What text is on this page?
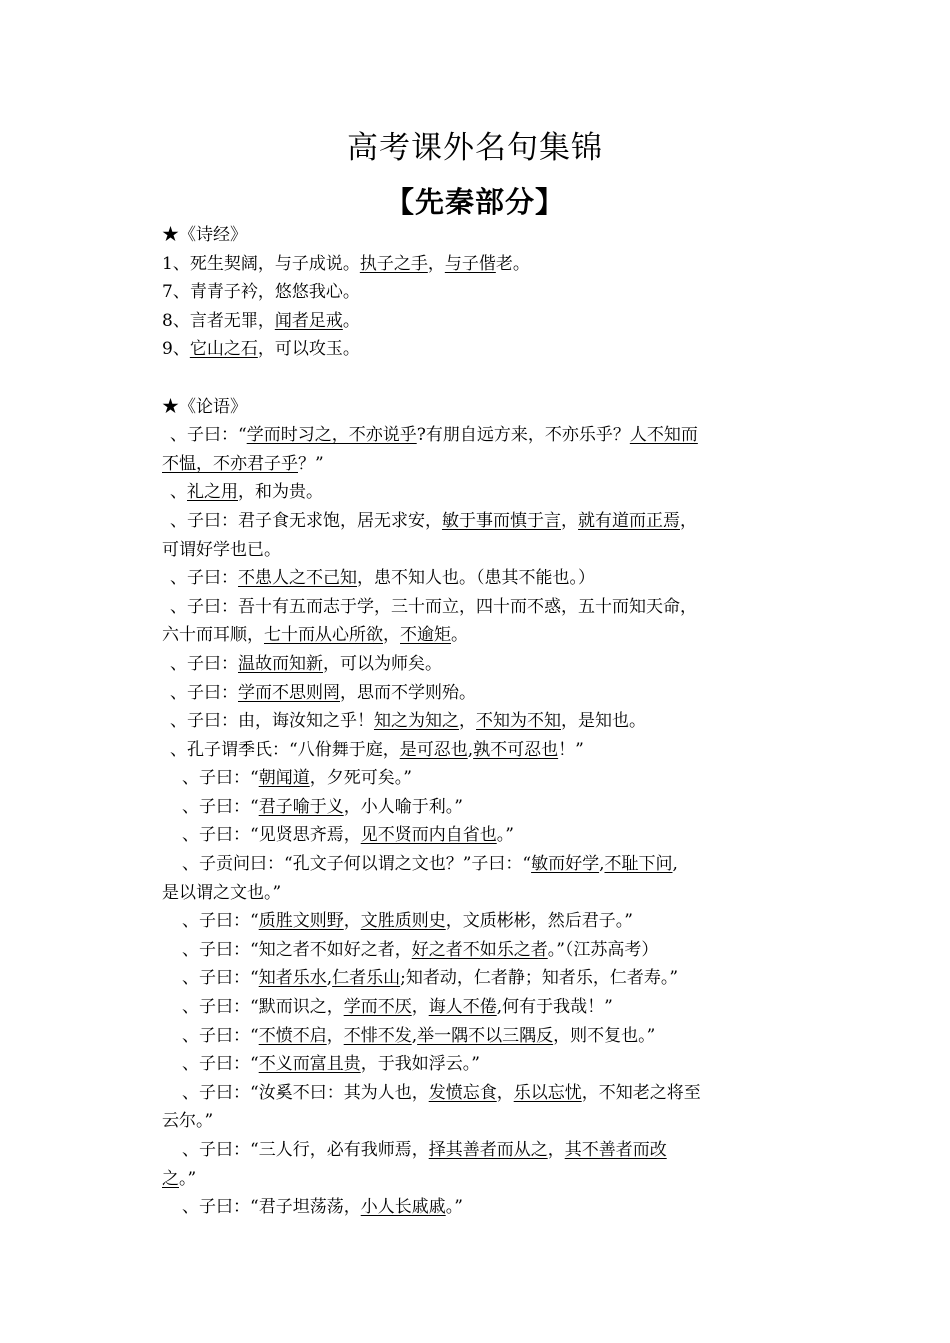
高考课外名句集锦
【先秦部分】
★《诗经》
1、死生契阔，与子成说。执子之手，与子偕老。
7、青青子衿，悠悠我心。
8、言者无罪，闻者足戒。
9、它山之石，可以攻玉。
★《论语》
、子曰：“学而时习之，不亦说乎?有朋自远方来，不亦乐乎？人不知而
不愠，不亦君子乎？”
、礼之用，和为贵。
、子曰：君子食无求饱，居无求安，敏于事而慎于言，就有道而正焉，
可谓好学也已。
、子曰：不患人之不己知，患不知人也。（患其不能也。）
、子曰：吾十有五而志于学，三十而立，四十而不惑，五十而知天命，
六十而耳顺，七十而从心所欲，不逾矩。
、子曰：温故而知新，可以为师矣。
、子曰：学而不思则罔，思而不学则殆。
、子曰：由，诲汝知之乎！知之为知之，不知为不知，是知也。
、孔子谓季氏：“八佾舞于庭，是可忍也,孰不可忍也！”
、子曰：“朝闻道，夕死可矣。”
、子曰：“君子喻于义，小人喻于利。”
、子曰：“见贤思齐焉，见不贤而内自省也。”
、子贡问曰：“孔文子何以谓之文也？”子曰：“敏而好学,不耻下问,
是以谓之文也。”
、子曰：“质胜文则野，文胜质则史，文质彬彬，然后君子。”
、子曰：“知之者不如好之者，好之者不如乐之者。”（江苏高考）
、子曰：“知者乐水,仁者乐山;知者动，仁者静；知者乐，仁者寿。”
、子曰：“默而识之，学而不厌，诲人不倦,何有于我哉！”
、子曰：“不愤不启，不悱不发,举一隅不以三隅反，则不复也。”
、子曰：“不义而富且贵，于我如浮云。”
、子曰：“汝奚不曰：其为人也，发愤忘食，乐以忘忧，不知老之将至
云尔。”
、子曰：“三人行，必有我师焉，择其善者而从之，其不善者而改
之。”
、子曰：“君子坦荡荡，小人长戚戚。”
